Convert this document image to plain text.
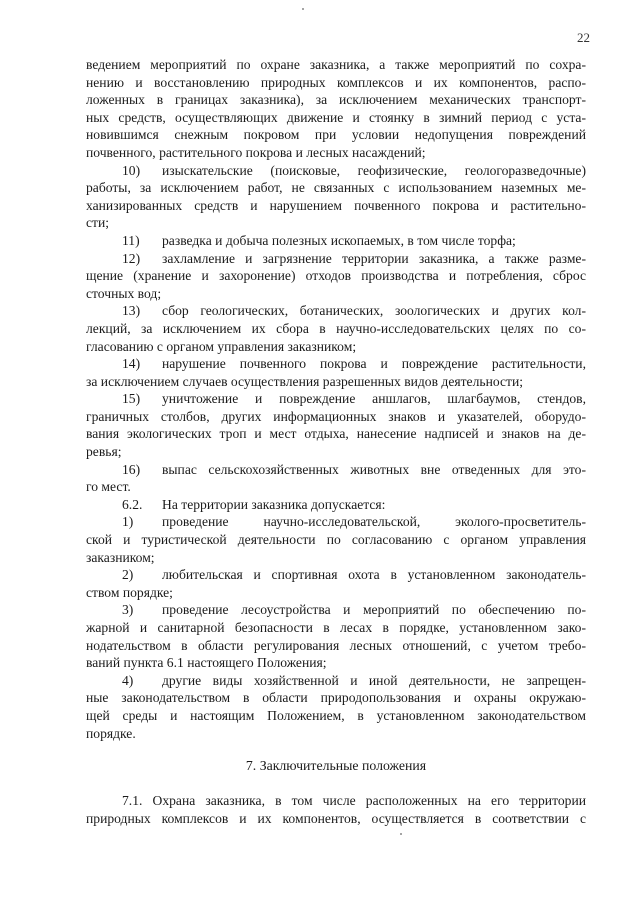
22
ведением мероприятий по охране заказника, а также мероприятий по сохра-
нению и восстановлению природных комплексов и их компонентов, распо-
ложенных в границах заказника), за исключением механических транспорт-
ных средств, осуществляющих движение и стоянку в зимний период с уста-
новившимся снежным покровом при условии недопущения повреждений
почвенного, растительного покрова и лесных насаждений;
10) изыскательские (поисковые, геофизические, геологоразведочные)
работы, за исключением работ, не связанных с использованием наземных ме-
ханизированных средств и нарушением почвенного покрова и растительно-
сти;
11) разведка и добыча полезных ископаемых, в том числе торфа;
12) захламление и загрязнение территории заказника, а также разме-
щение (хранение и захоронение) отходов производства и потребления, сброс
сточных вод;
13) сбор геологических, ботанических, зоологических и других кол-
лекций, за исключением их сбора в научно-исследовательских целях по со-
гласованию с органом управления заказником;
14) нарушение почвенного покрова и повреждение растительности,
за исключением случаев осуществления разрешенных видов деятельности;
15) уничтожение и повреждение аншлагов, шлагбаумов, стендов,
граничных столбов, других информационных знаков и указателей, оборудо-
вания экологических троп и мест отдыха, нанесение надписей и знаков на де-
ревья;
16) выпас сельскохозяйственных животных вне отведенных для это-
го мест.
6.2. На территории заказника допускается:
1) проведение научно-исследовательской, эколого-просветитель-
ской и туристической деятельности по согласованию с органом управления
заказником;
2) любительская и спортивная охота в установленном законодатель-
ством порядке;
3) проведение лесоустройства и мероприятий по обеспечению по-
жарной и санитарной безопасности в лесах в порядке, установленном зако-
нодательством в области регулирования лесных отношений, с учетом требо-
ваний пункта 6.1 настоящего Положения;
4) другие виды хозяйственной и иной деятельности, не запрещен-
ные законодательством в области природопользования и охраны окружаю-
щей среды и настоящим Положением, в установленном законодательством
порядке.
7. Заключительные положения
7.1. Охрана заказника, в том числе расположенных на его территории
природных комплексов и их компонентов, осуществляется в соответствии с
